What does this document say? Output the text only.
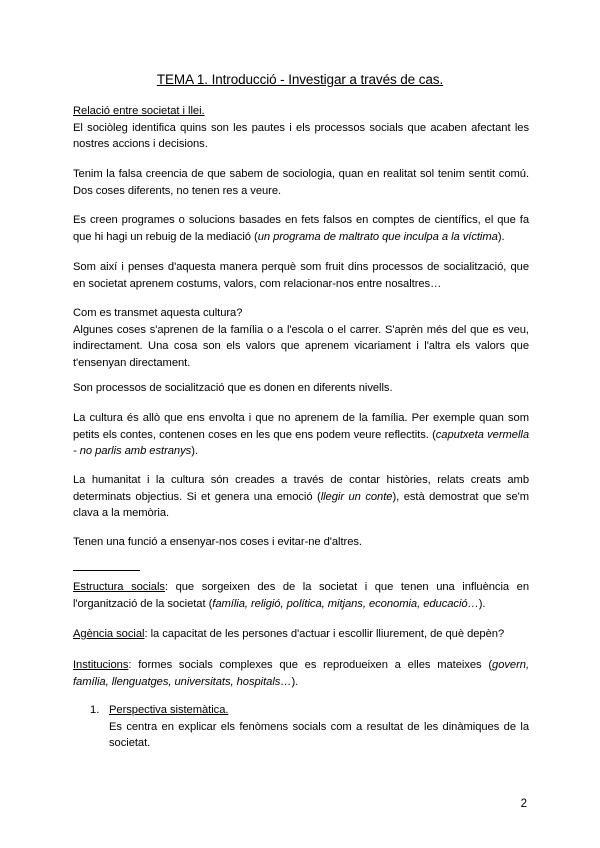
TEMA 1. Introducció - Investigar a través de cas.
Relació entre societat i llei.
El sociòleg identifica quins son les pautes i els processos socials que acaben afectant les nostres accions i decisions.
Tenim la falsa creencia de que sabem de sociologia, quan en realitat sol tenim sentit comú. Dos coses diferents, no tenen res a veure.
Es creen programes o solucions basades en fets falsos en comptes de científics, el que fa que hi hagi un rebuig de la mediació (un programa de maltrato que inculpa a la víctima).
Som així i penses d'aquesta manera perquè som fruit dins processos de socialització, que en societat aprenem costums, valors, com relacionar-nos entre nosaltres…
Com es transmet aquesta cultura?
Algunes coses s'aprenen de la família o a l'escola o el carrer. S'aprèn més del que es veu, indirectament. Una cosa son els valors que aprenem vicariament i l'altra els valors que t'ensenyan directament.
Son processos de socialització que es donen en diferents nivells.
La cultura és allò que ens envolta i que no aprenem de la família. Per exemple quan som petits els contes, contenen coses en les que ens podem veure reflectits. (caputxeta vermella - no parlis amb estranys).
La humanitat i la cultura són creades a través de contar històries, relats creats amb determinats objectius. Si et genera una emoció (llegir un conte), està demostrat que se'm clava a la memòria.
Tenen una funció a ensenyar-nos coses i evitar-ne d'altres.
Estructura socials: que sorgeixen des de la societat i que tenen una influència en l'organització de la societat (família, religió, política, mitjans, economia, educació…).
Agència social: la capacitat de les persones d'actuar i escollir lliurement, de què depèn?
Institucions: formes socials complexes que es reprodueixen a elles mateixes (govern, família, llenguatges, universitats, hospitals…).
1. Perspectiva sistemàtica.
Es centra en explicar els fenòmens socials com a resultat de les dinàmiques de la societat.
2
